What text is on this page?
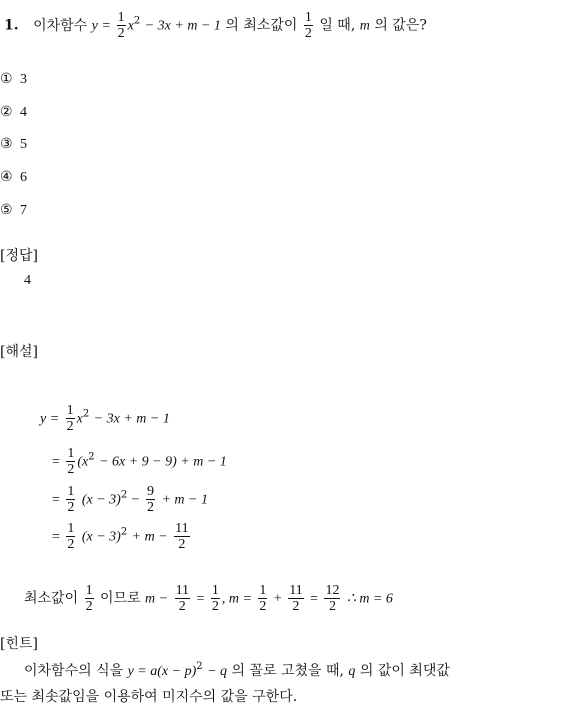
1. 이차함수 $y = \frac{1}{2} x^2 - 3x + m - 1$ 의 최소값이 $\frac{1}{2}$ 일 때, m 의 값은?
① 3
② 4
③ 5
④ 6
⑤ 7
[정답]
4
[해설]
$y = \frac{1}{2} x^2 - 3x + m - 1$
= $\frac{1}{2} (x^2 - 6x + 9 - 9) + m - 1$
= $\frac{1}{2} (x - 3)^2 - \frac{9}{2} + m - 1$
= $\frac{1}{2} (x - 3)^2 + m - \frac{11}{2}$
최소값이 $\frac{1}{2}$ 이므로 $m - \frac{11}{2} = \frac{1}{2}$ , $m = \frac{1}{2} + \frac{11}{2} = \frac{12}{2}$ ∴ m = 6
[힌트]
이차함수의 식을 $y = a(x - p)^2 - q$ 의 꼴로 고쳤을 때, q 의 값이 최댓값
또는 최솟값임을 이용하여 미지수의 값을 구한다.
